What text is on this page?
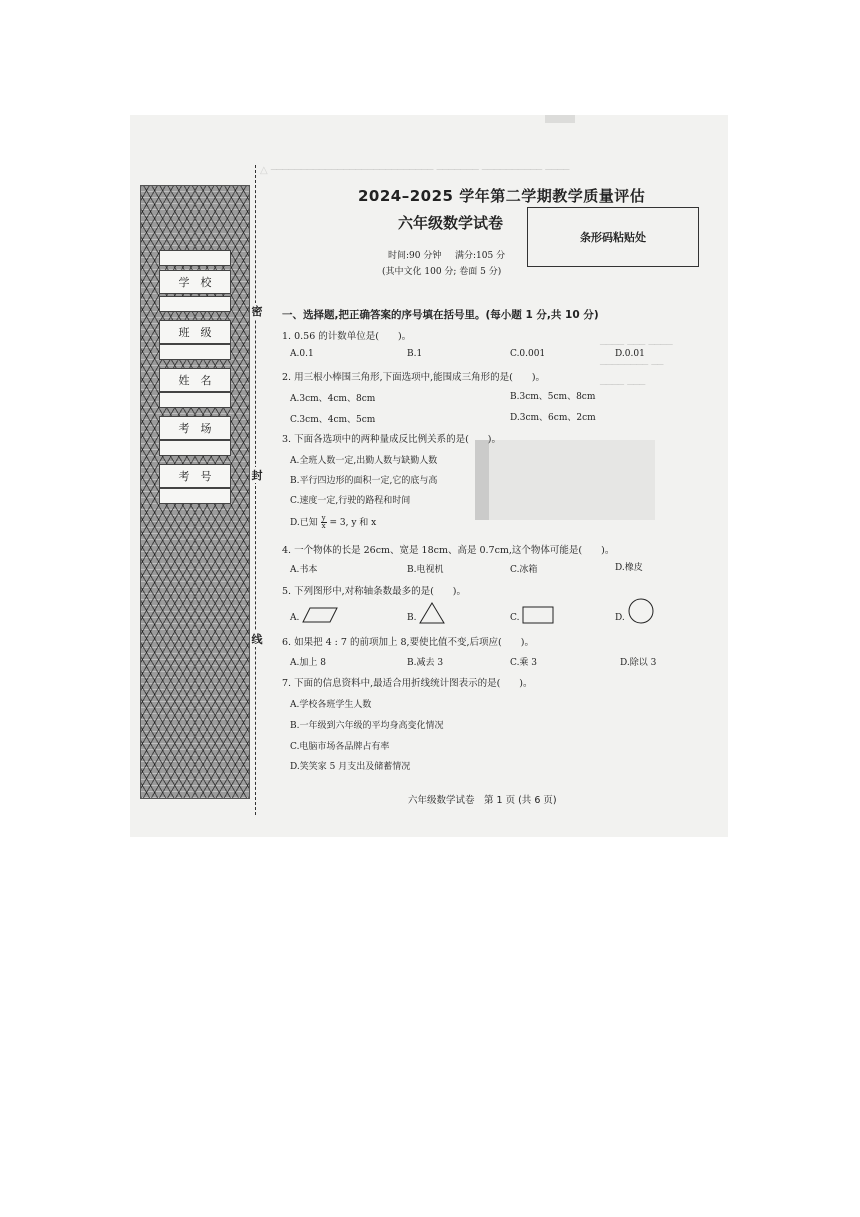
△ ─────────────────────────── ─────── ────────── ────
──── ─── ────
──────── ──
──── ───
学　校
班　级
姓　名
考　场
考　号
密
封
线
2024–2025 学年第二学期教学质量评估
六年级数学试卷
条形码粘贴处
时间:90 分钟 满分:105 分
(其中文化 100 分; 卷面 5 分)
一、选择题,把正确答案的序号填在括号里。(每小题 1 分,共 10 分)
1. 0.56 的计数单位是(　　)。
A.0.1	B.1	C.0.001	D.0.01
2. 用三根小棒围三角形,下面选项中,能围成三角形的是(　　)。
A.3cm、4cm、8cm	B.3cm、5cm、8cm
C.3cm、4cm、5cm	D.3cm、6cm、2cm
3. 下面各选项中的两种量成反比例关系的是(　　)。
A.全班人数一定,出勤人数与缺勤人数
B.平行四边形的面积一定,它的底与高
C.速度一定,行驶的路程和时间
D.已知 $\frac{y}{x} = 3$, y 和 x
4. 一个物体的长是 26cm、宽是 18cm、高是 0.7cm,这个物体可能是(　　)。
A.书本	B.电视机	C.冰箱	D.橡皮
5. 下列图形中,对称轴条数最多的是(　　)。
A.	B.	C.	D.
6. 如果把 4 : 7 的前项加上 8,要使比值不变,后项应(　　)。
A.加上 8	B.减去 3	C.乘 3	D.除以 3
7. 下面的信息资料中,最适合用折线统计图表示的是(　　)。
A.学校各班学生人数
B.一年级到六年级的平均身高变化情况
C.电脑市场各品牌占有率
D.笑笑家 5 月支出及储蓄情况
六年级数学试卷　第 1 页 (共 6 页)
